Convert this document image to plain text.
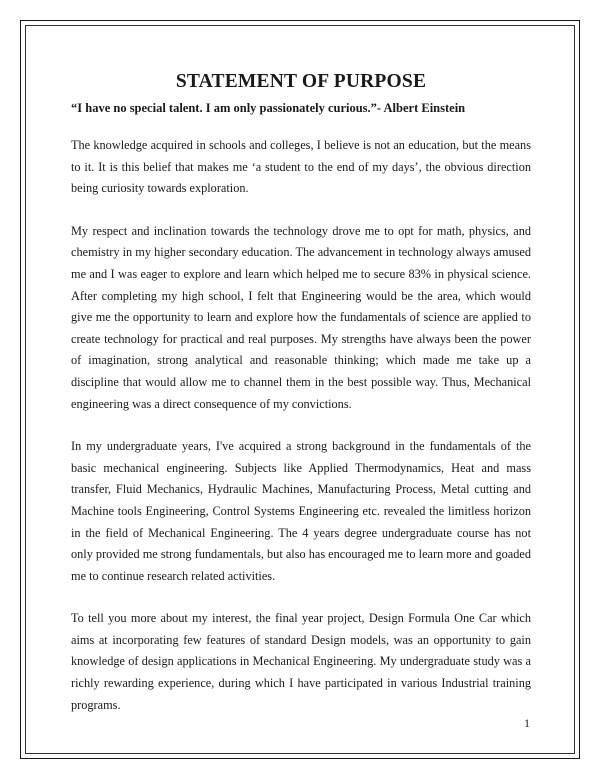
STATEMENT OF PURPOSE

“I have no special talent. I am only passionately curious.”- Albert Einstein

The knowledge acquired in schools and colleges, I believe is not an education, but the means to it. It is this belief that makes me ‘a student to the end of my days’, the obvious direction being curiosity towards exploration.

My respect and inclination towards the technology drove me to opt for math, physics, and chemistry in my higher secondary education. The advancement in technology always amused me and I was eager to explore and learn which helped me to secure 83% in physical science. After completing my high school, I felt that Engineering would be the area, which would give me the opportunity to learn and explore how the fundamentals of science are applied to create technology for practical and real purposes. My strengths have always been the power of imagination, strong analytical and reasonable thinking; which made me take up a discipline that would allow me to channel them in the best possible way. Thus, Mechanical engineering was a direct consequence of my convictions.

In my undergraduate years, I've acquired a strong background in the fundamentals of the basic mechanical engineering. Subjects like Applied Thermodynamics, Heat and mass transfer, Fluid Mechanics, Hydraulic Machines, Manufacturing Process, Metal cutting and Machine tools Engineering, Control Systems Engineering etc. revealed the limitless horizon in the field of Mechanical Engineering. The 4 years degree undergraduate course has not only provided me strong fundamentals, but also has encouraged me to learn more and goaded me to continue research related activities.

To tell you more about my interest, the final year project, Design Formula One Car which aims at incorporating few features of standard Design models, was an opportunity to gain knowledge of design applications in Mechanical Engineering. My undergraduate study was a richly rewarding experience, during which I have participated in various Industrial training programs.

1
